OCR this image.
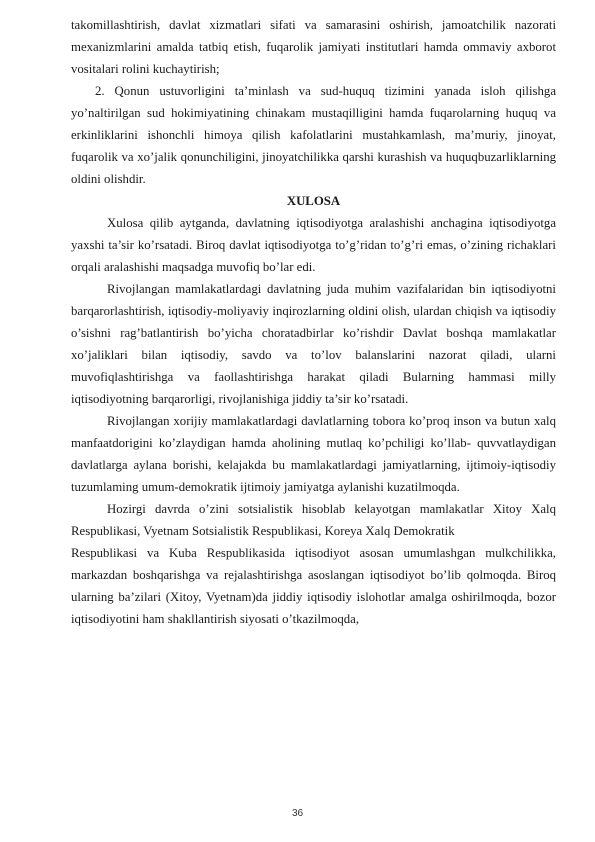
takomillashtirish, davlat xizmatlari sifati va samarasini oshirish, jamoatchilik nazorati mexanizmlarini amalda tatbiq etish, fuqarolik jamiyati institutlari hamda ommaviy axborot vositalari rolini kuchaytirish;

2. Qonun ustuvorligini ta’minlash va sud-huquq tizimini yanada isloh qilishga yo’naltirilgan sud hokimiyatining chinakam mustaqilligini hamda fuqarolarning huquq va erkinliklarini ishonchli himoya qilish kafolatlarini mustahkamlash, ma’muriy, jinoyat, fuqarolik va xo’jalik qonunchiligini, jinoyatchilikka qarshi kurashish va huquqbuzarliklarning oldini olishdir.

XULOSA

Xulosa qilib aytganda, davlatning iqtisodiyotga aralashishi anchagina iqtisodiyotga yaxshi ta’sir ko’rsatadi. Biroq davlat iqtisodiyotga to’g’ridan to’g’ri emas, o’zining richaklari orqali aralashishi maqsadga muvofiq bo’lar edi.

Rivojlangan mamlakatlardagi davlatning juda muhim vazifalaridan bin iqtisodiyotni barqarorlashtirish, iqtisodiy-moliyaviy inqirozlarning oldini olish, ulardan chiqish va iqtisodiy o’sishni rag’batlantirish bo’yicha choratadbirlar ko’rishdir Davlat boshqa mamlakatlar xo’jaliklari bilan iqtisodiy, savdo va to’lov balanslarini nazorat qiladi, ularni muvofiqlashtirishga va faollashtirishga harakat qiladi Bularning hammasi milly iqtisodiyotning barqarorligi, rivojlanishiga jiddiy ta’sir ko’rsatadi.

Rivojlangan xorijiy mamlakatlardagi davlatlarning tobora ko’proq inson va butun xalq manfaatdorigini ko’zlaydigan hamda aholining mutlaq ko’pchiligi ko’llab- quvvatlaydigan davlatlarga aylana borishi, kelajakda bu mamlakatlardagi jamiyatlarning, ijtimoiy-iqtisodiy tuzumlaming umum-demokratik ijtimoiy jamiyatga aylanishi kuzatilmoqda.

Hozirgi davrda o’zini sotsialistik hisoblab kelayotgan mamlakatlar Xitoy Xalq Respublikasi, Vyetnam Sotsialistik Respublikasi, Koreya Xalq Demokratik

Respublikasi va Kuba Respublikasida iqtisodiyot asosan umumlashgan mulkchilikka, markazdan boshqarishga va rejalashtirishga asoslangan iqtisodiyot bo’lib qolmoqda. Biroq ularning ba’zilari (Xitoy, Vyetnam)da jiddiy iqtisodiy islohotlar amalga oshirilmoqda, bozor iqtisodiyotini ham shakllantirish siyosati o’tkazilmoqda,

36
